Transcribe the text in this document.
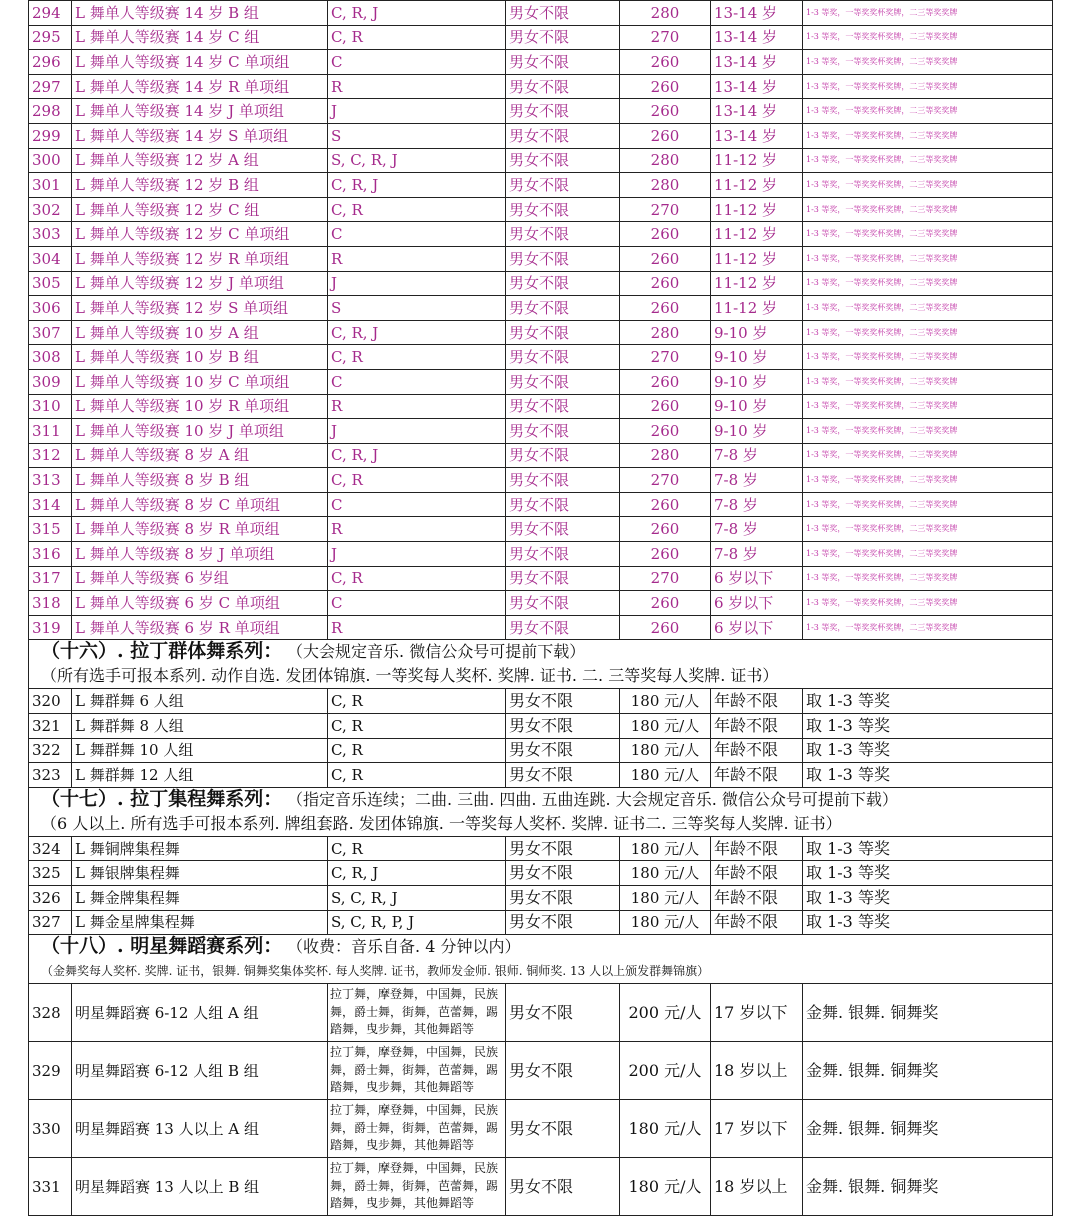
294	L 舞单人等级赛 14 岁 B 组	C, R, J	男女不限	280	13-14 岁	1-3 等奖，一等奖奖杯奖牌，二三等奖奖牌
295	L 舞单人等级赛 14 岁 C 组	C, R	男女不限	270	13-14 岁	1-3 等奖，一等奖奖杯奖牌，二三等奖奖牌
296	L 舞单人等级赛 14 岁 C 单项组	C	男女不限	260	13-14 岁	1-3 等奖，一等奖奖杯奖牌，二三等奖奖牌
297	L 舞单人等级赛 14 岁 R 单项组	R	男女不限	260	13-14 岁	1-3 等奖，一等奖奖杯奖牌，二三等奖奖牌
298	L 舞单人等级赛 14 岁 J 单项组	J	男女不限	260	13-14 岁	1-3 等奖，一等奖奖杯奖牌，二三等奖奖牌
299	L 舞单人等级赛 14 岁 S 单项组	S	男女不限	260	13-14 岁	1-3 等奖，一等奖奖杯奖牌，二三等奖奖牌
300	L 舞单人等级赛 12 岁 A 组	S, C, R, J	男女不限	280	11-12 岁	1-3 等奖，一等奖奖杯奖牌，二三等奖奖牌
301	L 舞单人等级赛 12 岁 B 组	C, R, J	男女不限	280	11-12 岁	1-3 等奖，一等奖奖杯奖牌，二三等奖奖牌
302	L 舞单人等级赛 12 岁 C 组	C, R	男女不限	270	11-12 岁	1-3 等奖，一等奖奖杯奖牌，二三等奖奖牌
303	L 舞单人等级赛 12 岁 C 单项组	C	男女不限	260	11-12 岁	1-3 等奖，一等奖奖杯奖牌，二三等奖奖牌
304	L 舞单人等级赛 12 岁 R 单项组	R	男女不限	260	11-12 岁	1-3 等奖，一等奖奖杯奖牌，二三等奖奖牌
305	L 舞单人等级赛 12 岁 J 单项组	J	男女不限	260	11-12 岁	1-3 等奖，一等奖奖杯奖牌，二三等奖奖牌
306	L 舞单人等级赛 12 岁 S 单项组	S	男女不限	260	11-12 岁	1-3 等奖，一等奖奖杯奖牌，二三等奖奖牌
307	L 舞单人等级赛 10 岁 A 组	C, R, J	男女不限	280	9-10 岁	1-3 等奖，一等奖奖杯奖牌，二三等奖奖牌
308	L 舞单人等级赛 10 岁 B 组	C, R	男女不限	270	9-10 岁	1-3 等奖，一等奖奖杯奖牌，二三等奖奖牌
309	L 舞单人等级赛 10 岁 C 单项组	C	男女不限	260	9-10 岁	1-3 等奖，一等奖奖杯奖牌，二三等奖奖牌
310	L 舞单人等级赛 10 岁 R 单项组	R	男女不限	260	9-10 岁	1-3 等奖，一等奖奖杯奖牌，二三等奖奖牌
311	L 舞单人等级赛 10 岁 J 单项组	J	男女不限	260	9-10 岁	1-3 等奖，一等奖奖杯奖牌，二三等奖奖牌
312	L 舞单人等级赛 8 岁 A 组	C, R, J	男女不限	280	7-8 岁	1-3 等奖，一等奖奖杯奖牌，二三等奖奖牌
313	L 舞单人等级赛 8 岁 B 组	C, R	男女不限	270	7-8 岁	1-3 等奖，一等奖奖杯奖牌，二三等奖奖牌
314	L 舞单人等级赛 8 岁 C 单项组	C	男女不限	260	7-8 岁	1-3 等奖，一等奖奖杯奖牌，二三等奖奖牌
315	L 舞单人等级赛 8 岁 R 单项组	R	男女不限	260	7-8 岁	1-3 等奖，一等奖奖杯奖牌，二三等奖奖牌
316	L 舞单人等级赛 8 岁 J 单项组	J	男女不限	260	7-8 岁	1-3 等奖，一等奖奖杯奖牌，二三等奖奖牌
317	L 舞单人等级赛 6 岁组	C, R	男女不限	270	6 岁以下	1-3 等奖，一等奖奖杯奖牌，二三等奖奖牌
318	L 舞单人等级赛 6 岁 C 单项组	C	男女不限	260	6 岁以下	1-3 等奖，一等奖奖杯奖牌，二三等奖奖牌
319	L 舞单人等级赛 6 岁 R 单项组	R	男女不限	260	6 岁以下	1-3 等奖，一等奖奖杯奖牌，二三等奖奖牌
（十六）. 拉丁群体舞系列： （大会规定音乐. 微信公众号可提前下载）
（所有选手可报本系列. 动作自选. 发团体锦旗. 一等奖每人奖杯. 奖牌. 证书. 二. 三等奖每人奖牌. 证书）						
320	L 舞群舞 6 人组	C, R	男女不限	180 元/人	年龄不限	取 1-3 等奖
321	L 舞群舞 8 人组	C, R	男女不限	180 元/人	年龄不限	取 1-3 等奖
322	L 舞群舞 10 人组	C, R	男女不限	180 元/人	年龄不限	取 1-3 等奖
323	L 舞群舞 12 人组	C, R	男女不限	180 元/人	年龄不限	取 1-3 等奖
（十七）. 拉丁集程舞系列： （指定音乐连续；二曲. 三曲. 四曲. 五曲连跳. 大会规定音乐. 微信公众号可提前下载）
（6 人以上. 所有选手可报本系列. 牌组套路. 发团体锦旗. 一等奖每人奖杯. 奖牌. 证书二. 三等奖每人奖牌. 证书）						
324	L 舞铜牌集程舞	C, R	男女不限	180 元/人	年龄不限	取 1-3 等奖
325	L 舞银牌集程舞	C, R, J	男女不限	180 元/人	年龄不限	取 1-3 等奖
326	L 舞金牌集程舞	S, C, R, J	男女不限	180 元/人	年龄不限	取 1-3 等奖
327	L 舞金星牌集程舞	S, C, R, P, J	男女不限	180 元/人	年龄不限	取 1-3 等奖
（十八）. 明星舞蹈赛系列： （收费：音乐自备. 4 分钟以内）
（金舞奖每人奖杯. 奖牌. 证书，银舞. 铜舞奖集体奖杯. 每人奖牌. 证书，教师发金师. 银师. 铜师奖. 13 人以上颁发群舞锦旗）						
328	明星舞蹈赛 6-12 人组 A 组	拉丁舞，摩登舞，中国舞，民族舞，爵士舞，街舞，芭蕾舞，踢踏舞，曳步舞，其他舞蹈等	男女不限	200 元/人	17 岁以下	金舞. 银舞. 铜舞奖
329	明星舞蹈赛 6-12 人组 B 组	拉丁舞，摩登舞，中国舞，民族舞，爵士舞，街舞，芭蕾舞，踢踏舞，曳步舞，其他舞蹈等	男女不限	200 元/人	18 岁以上	金舞. 银舞. 铜舞奖
330	明星舞蹈赛 13 人以上 A 组	拉丁舞，摩登舞，中国舞，民族舞，爵士舞，街舞，芭蕾舞，踢踏舞，曳步舞，其他舞蹈等	男女不限	180 元/人	17 岁以下	金舞. 银舞. 铜舞奖
331	明星舞蹈赛 13 人以上 B 组	拉丁舞，摩登舞，中国舞，民族舞，爵士舞，街舞，芭蕾舞，踢踏舞，曳步舞，其他舞蹈等	男女不限	180 元/人	18 岁以上	金舞. 银舞. 铜舞奖
